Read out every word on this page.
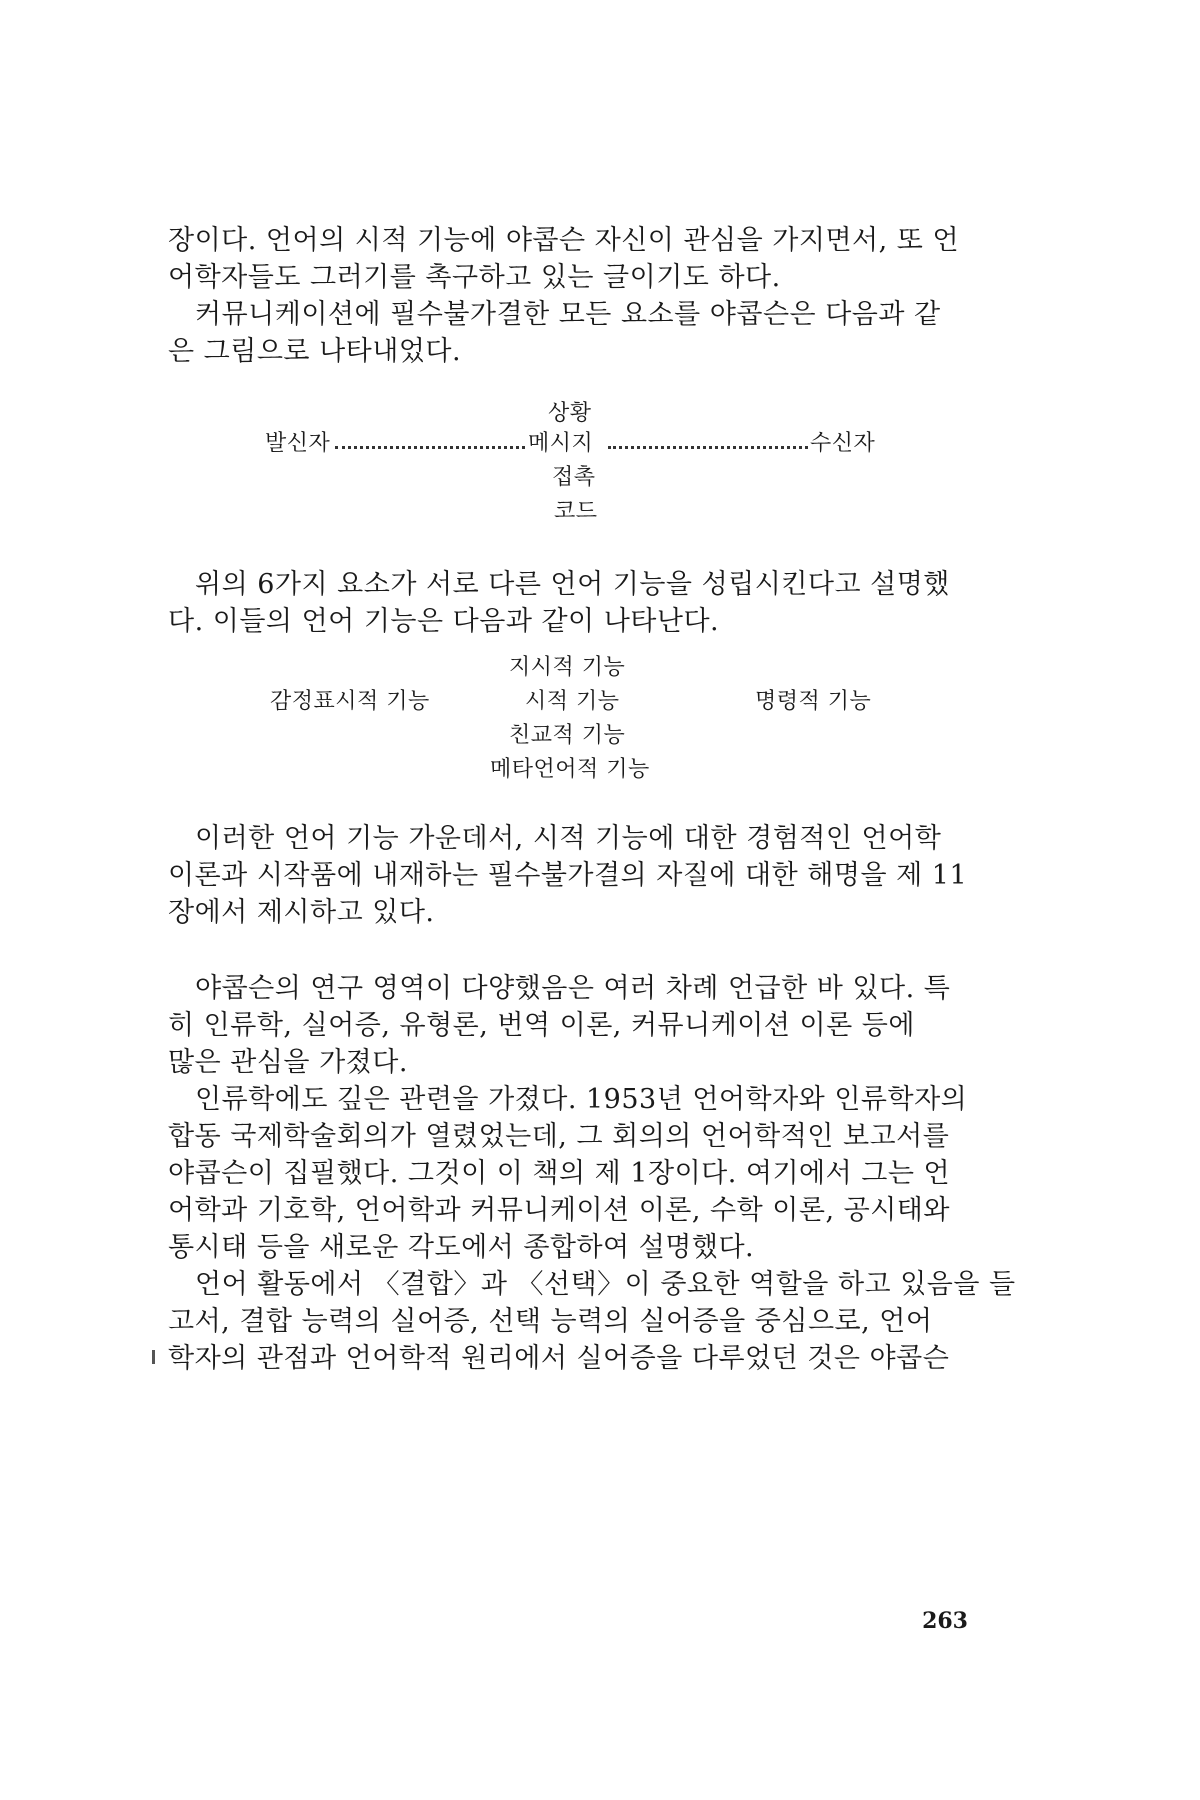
장이다. 언어의 시적 기능에 야콥슨 자신이 관심을 가지면서, 또 언
어학자들도 그러기를 촉구하고 있는 글이기도 하다.
커뮤니케이션에 필수불가결한 모든 요소를 야콥슨은 다음과 같
은 그림으로 나타내었다.
상황
발신자	메시지	수신자
접촉
코드
위의 6가지 요소가 서로 다른 언어 기능을 성립시킨다고 설명했
다. 이들의 언어 기능은 다음과 같이 나타난다.
지시적 기능
감정표시적 기능	시적 기능	명령적 기능
친교적 기능
메타언어적 기능
이러한 언어 기능 가운데서, 시적 기능에 대한 경험적인 언어학
이론과 시작품에 내재하는 필수불가결의 자질에 대한 해명을 제 11
장에서 제시하고 있다.
야콥슨의 연구 영역이 다양했음은 여러 차례 언급한 바 있다. 특
히 인류학, 실어증, 유형론, 번역 이론, 커뮤니케이션 이론 등에
많은 관심을 가졌다.
인류학에도 깊은 관련을 가졌다. 1953년 언어학자와 인류학자의
합동 국제학술회의가 열렸었는데, 그 회의의 언어학적인 보고서를
야콥슨이 집필했다. 그것이 이 책의 제 1장이다. 여기에서 그는 언
어학과 기호학, 언어학과 커뮤니케이션 이론, 수학 이론, 공시태와
통시태 등을 새로운 각도에서 종합하여 설명했다.
언어 활동에서 〈결합〉과 〈선택〉이 중요한 역할을 하고 있음을 들
고서, 결합 능력의 실어증, 선택 능력의 실어증을 중심으로, 언어
학자의 관점과 언어학적 원리에서 실어증을 다루었던 것은 야콥슨
263
